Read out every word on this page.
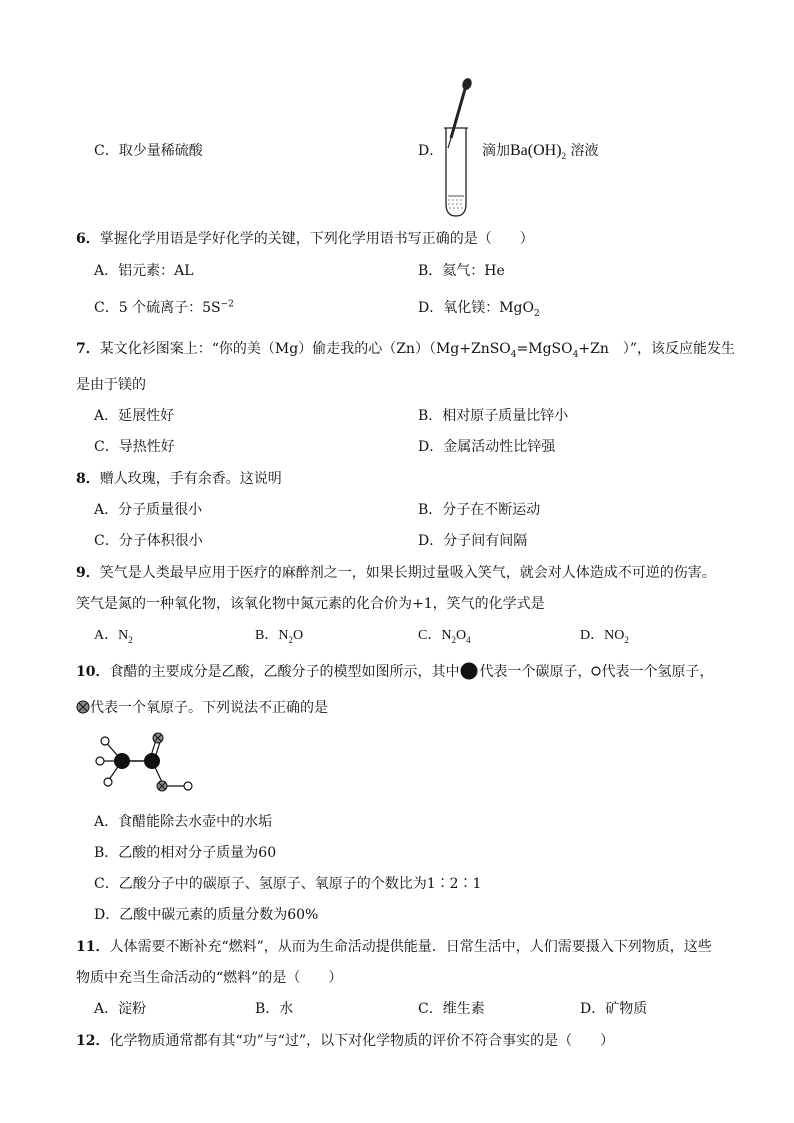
C．取少量稀硫酸	D．	滴加$Ba(OH)_2$ 溶液
6．掌握化学用语是学好化学的关键，下列化学用语书写正确的是（　　）
A．铝元素：AL	B．氦气：He
C．5 个硫离子：$5S^{-2}$	D．氧化镁：MgO$_2$
7．某文化衫图案上：“你的美（Mg）偷走我的心（Zn）（Mg+ZnSO$_4$=MgSO$_4$+Zn　）”，该反应能发生
是由于镁的
A．延展性好	B．相对原子质量比锌小
C．导热性好	D．金属活动性比锌强
8．赠人玫瑰，手有余香。这说明
A．分子质量很小	B．分子在不断运动
C．分子体积很小	D．分子间有间隔
9．笑气是人类最早应用于医疗的麻醉剂之一，如果长期过量吸入笑气，就会对人体造成不可逆的伤害。
笑气是氮的一种氧化物，该氧化物中氮元素的化合价为+1，笑气的化学式是
A．$N_2$	B．$N_2O$	C．$N_2O_4$	D．$NO_2$
10．食醋的主要成分是乙酸，乙酸分子的模型如图所示，其中 代表一个碳原子， 代表一个氢原子，
代表一个氧原子。下列说法不正确的是
A．食醋能除去水壶中的水垢
B．乙酸的相对分子质量为60
C．乙酸分子中的碳原子、氢原子、氧原子的个数比为1∶2∶1
D．乙酸中碳元素的质量分数为60%
11．人体需要不断补充“燃料”，从而为生命活动提供能量．日常生活中，人们需要摄入下列物质，这些
物质中充当生命活动的“燃料”的是（　　）
A．淀粉	B．水	C．维生素	D．矿物质
12．化学物质通常都有其“功”与“过”，以下对化学物质的评价不符合事实的是（　　）
